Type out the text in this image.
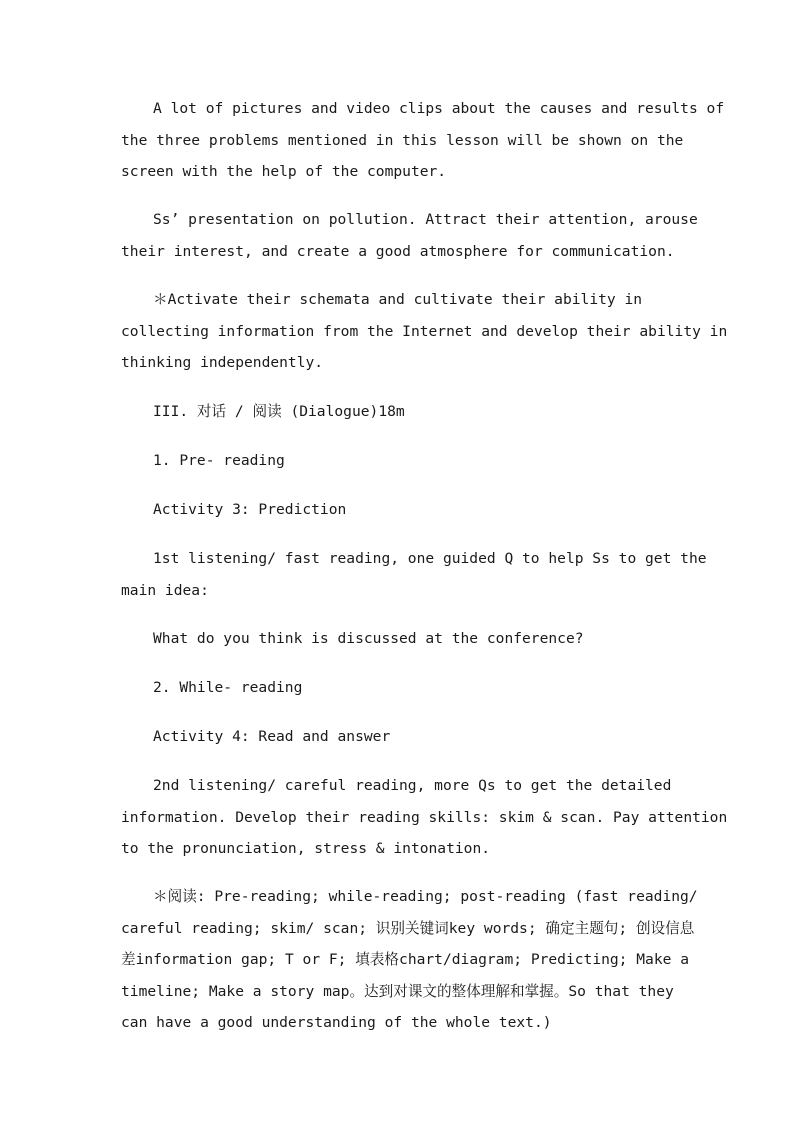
A lot of pictures and video clips about the causes and results of
the three problems mentioned in this lesson will be shown on the
screen with the help of the computer.

Ss’ presentation on pollution. Attract their attention, arouse
their interest, and create a good atmosphere for communication.

＊Activate their schemata and cultivate their ability in
collecting information from the Internet and develop their ability in
thinking independently.

III. 对话 / 阅读 (Dialogue)18m

1. Pre- reading

Activity 3: Prediction

1st listening/ fast reading, one guided Q to help Ss to get the
main idea:

What do you think is discussed at the conference?

2. While- reading

Activity 4: Read and answer

2nd listening/ careful reading, more Qs to get the detailed
information. Develop their reading skills: skim & scan. Pay attention
to the pronunciation, stress & intonation.

＊阅读: Pre-reading; while-reading; post-reading (fast reading/
careful reading; skim/ scan; 识别关键词key words; 确定主题句; 创设信息
差information gap; T or F; 填表格chart/diagram; Predicting; Make a
timeline; Make a story map。达到对课文的整体理解和掌握。So that they
can have a good understanding of the whole text.)
